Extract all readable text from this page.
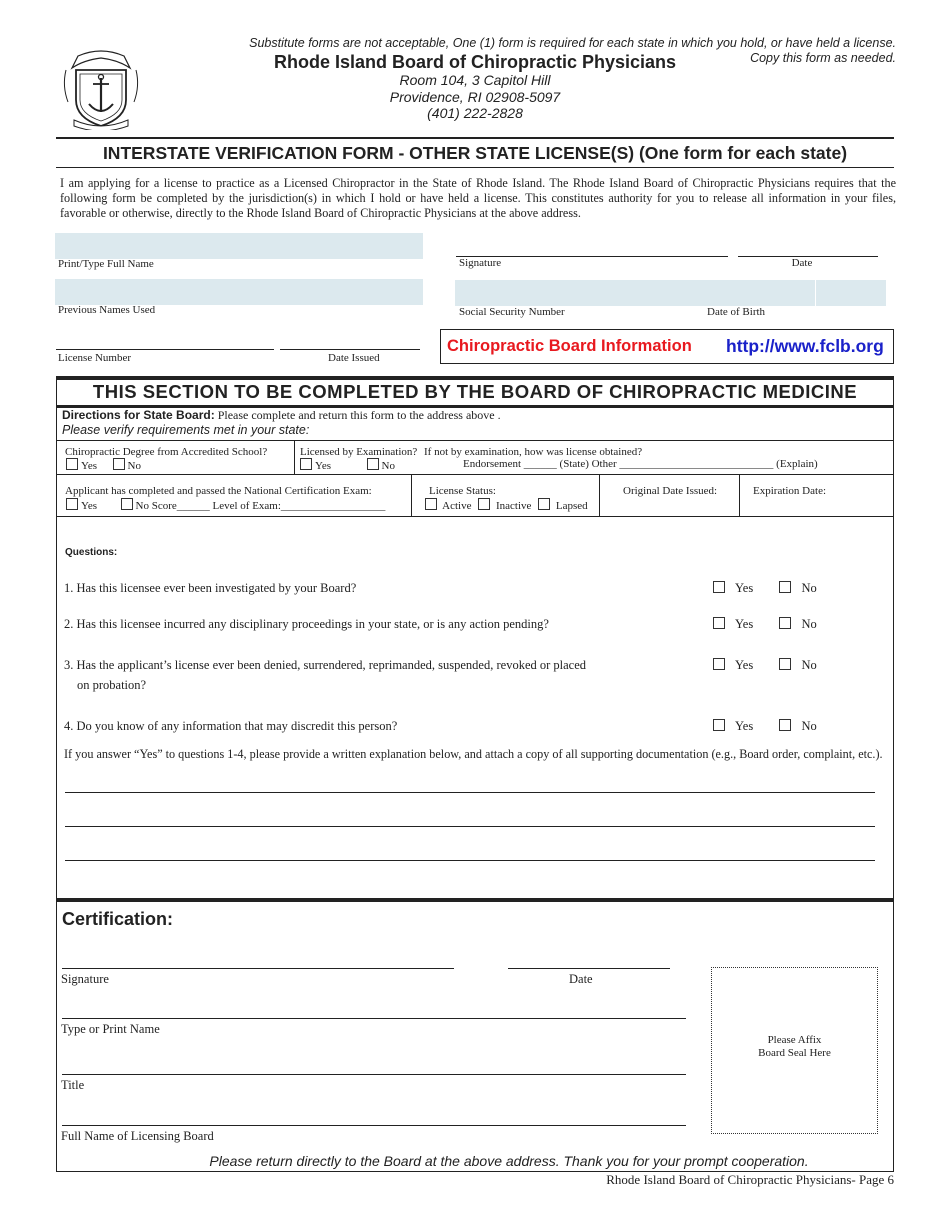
Substitute forms are not acceptable, One (1) form is required for each state in which you hold, or have held a license.
Copy this form as needed.
Rhode Island Board of Chiropractic Physicians
Room 104, 3 Capitol Hill
Providence, RI 02908-5097
(401) 222-2828
INTERSTATE VERIFICATION FORM - OTHER STATE LICENSE(S) (One form for each state)
I am applying for a license to practice as a Licensed Chiropractor in the State of Rhode Island. The Rhode Island Board of Chiropractic Physicians requires that the following form be completed by the jurisdiction(s) in which I hold or have held a license. This constitutes authority for you to release all information in your files, favorable or otherwise, directly to the Rhode Island Board of Chiropractic Physicians at the above address.
Print/Type Full Name	Signature	Date
Previous Names Used	Social Security Number	Date of Birth
License Number	Date Issued
Chiropractic Board Information http://www.fclb.org
THIS SECTION TO BE COMPLETED BY THE BOARD OF CHIROPRACTIC MEDICINE
Directions for State Board: Please complete and return this form to the address above .
Please verify requirements met in your state:
Chiropractic Degree from Accredited School?
Yes	No
Licensed by Examination?
Yes	No
If not by examination, how was license obtained?
Endorsement ______ (State) Other ____________________________ (Explain)
Applicant has completed and passed the National Certification Exam:
Yes	No Score______ Level of Exam:___________________
License Status:
Active Inactive Lapsed
Original Date Issued:	Expiration Date:
Questions:
1. Has this licensee ever been investigated by your Board?	Yes	No
2. Has this licensee incurred any disciplinary proceedings in your state, or is any action pending?	Yes	No
3. Has the applicant’s license ever been denied, surrendered, reprimanded, suspended, revoked or placed
on probation?
Yes	No
4. Do you know of any information that may discredit this person?	Yes	No
If you answer “Yes” to questions 1-4, please provide a written explanation below, and attach a copy of all supporting documentation (e.g., Board order, complaint, etc.).
Certification:
Signature	Date
Type or Print Name
Title
Full Name of Licensing Board
Please Affix
Board Seal Here
Please return directly to the Board at the above address. Thank you for your prompt cooperation.
Rhode Island Board of Chiropractic Physicians- Page 6
